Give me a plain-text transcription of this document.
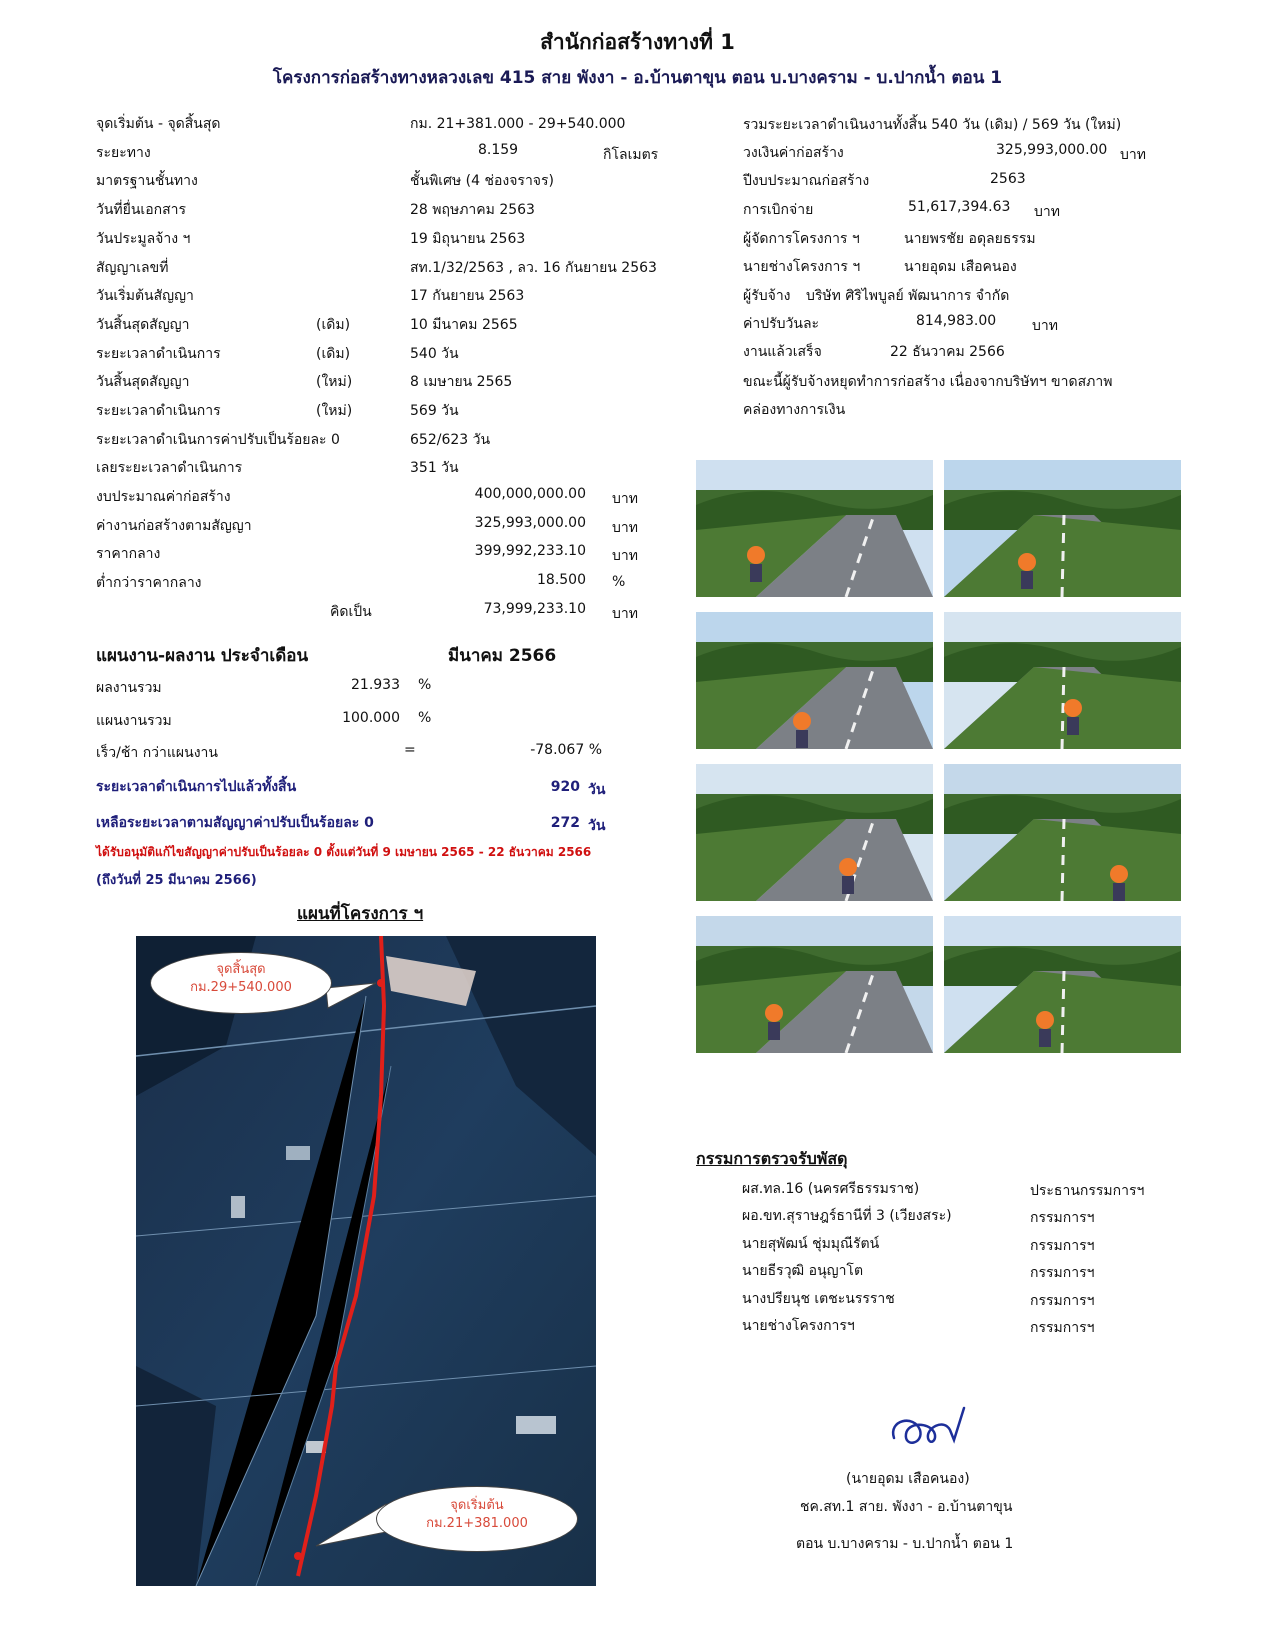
สำนักก่อสร้างทางที่ 1
โครงการก่อสร้างทางหลวงเลข 415 สาย พังงา - อ.บ้านตาขุน ตอน บ.บางคราม - บ.ปากน้ำ ตอน 1
จุดเริ่มต้น - จุดสิ้นสุด	กม. 21+381.000 - 29+540.000
ระยะทาง	8.159	กิโลเมตร
มาตรฐานชั้นทาง	ชั้นพิเศษ (4 ช่องจราจร)
วันที่ยื่นเอกสาร	28 พฤษภาคม 2563
วันประมูลจ้าง ฯ	19 มิถุนายน 2563
สัญญาเลขที่	สท.1/32/2563 , ลว. 16 กันยายน 2563
วันเริ่มต้นสัญญา	17 กันยายน 2563
วันสิ้นสุดสัญญา	(เดิม)	10 มีนาคม 2565
ระยะเวลาดำเนินการ	(เดิม)	540 วัน
วันสิ้นสุดสัญญา	(ใหม่)	8 เมษายน 2565
ระยะเวลาดำเนินการ	(ใหม่)	569 วัน
ระยะเวลาดำเนินการค่าปรับเป็นร้อยละ 0	652/623 วัน
เลยระยะเวลาดำเนินการ	351 วัน
งบประมาณค่าก่อสร้าง	400,000,000.00 บาท
ค่างานก่อสร้างตามสัญญา	325,993,000.00 บาท
ราคากลาง	399,992,233.10 บาท
ต่ำกว่าราคากลาง	18.500 %
คิดเป็น	73,999,233.10 บาท
แผนงาน-ผลงาน ประจำเดือน	มีนาคม 2566
ผลงานรวม	21.933 %
แผนงานรวม	100.000 %
เร็ว/ช้า กว่าแผนงาน	=	-78.067 %
ระยะเวลาดำเนินการไปแล้วทั้งสิ้น	920 วัน
เหลือระยะเวลาตามสัญญาค่าปรับเป็นร้อยละ 0	272 วัน
ได้รับอนุมัติแก้ไขสัญญาค่าปรับเป็นร้อยละ 0 ตั้งแต่วันที่ 9 เมษายน 2565 - 22 ธันวาคม 2566
(ถึงวันที่ 25 มีนาคม 2566)
แผนที่โครงการ ฯ
จุดสิ้นสุด
กม.29+540.000
จุดเริ่มต้น
กม.21+381.000
รวมระยะเวลาดำเนินงานทั้งสิ้น 540 วัน (เดิม) / 569 วัน (ใหม่)
วงเงินค่าก่อสร้าง	325,993,000.00 บาท
ปีงบประมาณก่อสร้าง	2563
การเบิกจ่าย	51,617,394.63 บาท
ผู้จัดการโครงการ ฯ	นายพรชัย อดุลยธรรม
นายช่างโครงการ ฯ	นายอุดม เสือคนอง
ผู้รับจ้าง บริษัท ศิริไพบูลย์ พัฒนาการ จำกัด
ค่าปรับวันละ	814,983.00	บาท
งานแล้วเสร็จ	22 ธันวาคม 2566
ขณะนี้ผู้รับจ้างหยุดทำการก่อสร้าง เนื่องจากบริษัทฯ ขาดสภาพ
คล่องทางการเงิน
กรรมการตรวจรับพัสดุ
ผส.ทล.16 (นครศรีธรรมราช)	ประธานกรรมการฯ
ผอ.ขท.สุราษฎร์ธานีที่ 3 (เวียงสระ)	กรรมการฯ
นายสุพัฒน์ ชุ่มมุณีรัตน์	กรรมการฯ
นายธีรวุฒิ อนุญาโต	กรรมการฯ
นางปรียนุช เตชะนรรราช	กรรมการฯ
นายช่างโครงการฯ	กรรมการฯ
(นายอุดม เสือคนอง)
ชค.สท.1 สาย. พังงา - อ.บ้านตาขุน
ตอน บ.บางคราม - บ.ปากน้ำ ตอน 1
